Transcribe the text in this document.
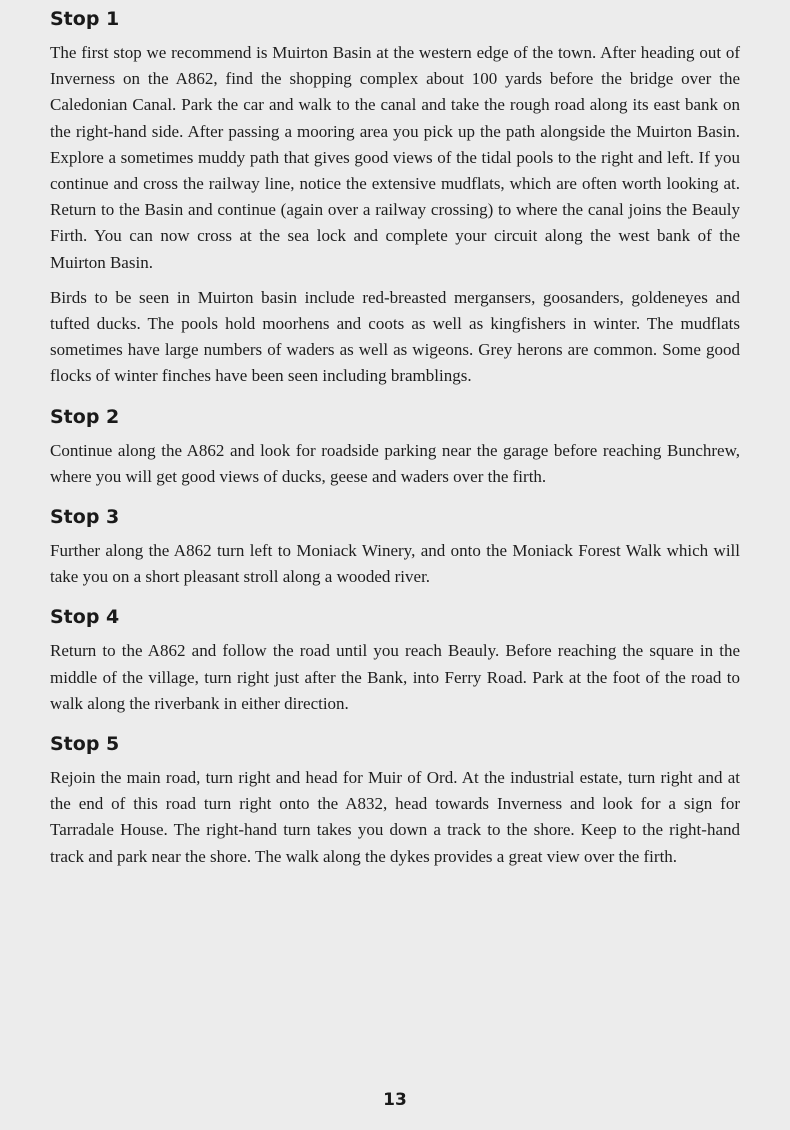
Stop 1

The first stop we recommend is Muirton Basin at the western edge of the town. After heading out of Inverness on the A862, find the shopping complex about 100 yards before the bridge over the Caledonian Canal. Park the car and walk to the canal and take the rough road along its east bank on the right-hand side. After passing a mooring area you pick up the path alongside the Muirton Basin. Explore a sometimes muddy path that gives good views of the tidal pools to the right and left. If you continue and cross the railway line, notice the extensive mudflats, which are often worth looking at. Return to the Basin and continue (again over a railway crossing) to where the canal joins the Beauly Firth. You can now cross at the sea lock and complete your circuit along the west bank of the Muirton Basin.

Birds to be seen in Muirton basin include red-breasted mergansers, goosanders, goldeneyes and tufted ducks. The pools hold moorhens and coots as well as kingfishers in winter. The mudflats sometimes have large numbers of waders as well as wigeons. Grey herons are common. Some good flocks of winter finches have been seen including bramblings.

Stop 2

Continue along the A862 and look for roadside parking near the garage before reaching Bunchrew, where you will get good views of ducks, geese and waders over the firth.

Stop 3

Further along the A862 turn left to Moniack Winery, and onto the Moniack Forest Walk which will take you on a short pleasant stroll along a wooded river.

Stop 4

Return to the A862 and follow the road until you reach Beauly. Before reaching the square in the middle of the village, turn right just after the Bank, into Ferry Road. Park at the foot of the road to walk along the riverbank in either direction.

Stop 5

Rejoin the main road, turn right and head for Muir of Ord. At the industrial estate, turn right and at the end of this road turn right onto the A832, head towards Inverness and look for a sign for Tarradale House. The right-hand turn takes you down a track to the shore. Keep to the right-hand track and park near the shore. The walk along the dykes provides a great view over the firth.

13
